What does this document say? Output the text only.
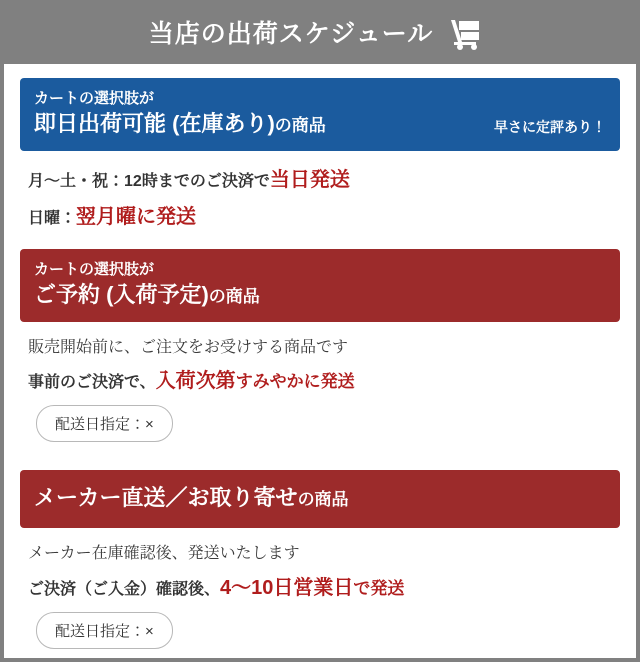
当店の出荷スケジュール
カートの選択肢が
即日出荷可能 (在庫あり)の商品	早さに定評あり！

月～土・祝：12時までのご決済で当日発送

日曜：翌月曜に発送

カートの選択肢が
ご予約 (入荷予定)の商品

販売開始前に、ご注文をお受けする商品です

事前のご決済で、入荷次第すみやかに発送

配送日指定：×
メーカー直送／お取り寄せの商品

メーカー在庫確認後、発送いたします

ご決済（ご入金）確認後、4～10日営業日で発送

配送日指定：×
